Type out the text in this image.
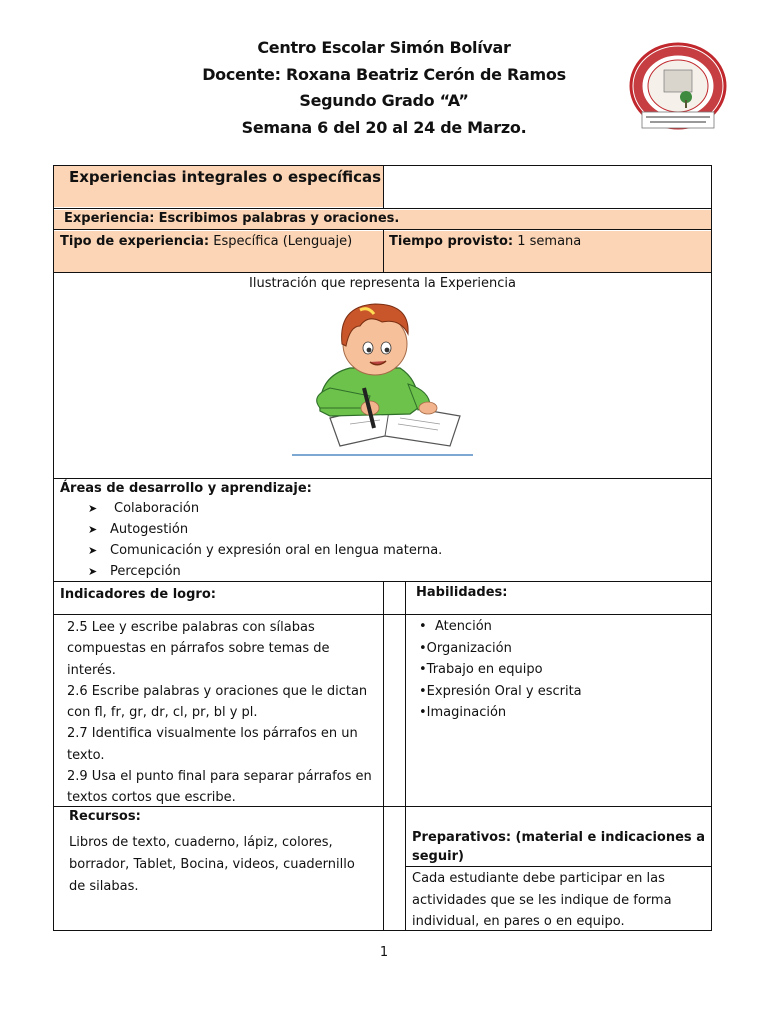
Centro Escolar Simón Bolívar
Docente: Roxana Beatriz Cerón de Ramos
Segundo Grado “A”
Semana 6 del 20 al 24 de Marzo.
Experiencias integrales o específicas
Experiencia: Escribimos palabras y oraciones.
Tipo de experiencia: Específica (Lenguaje)	Tiempo provisto: 1 semana
Ilustración que representa la Experiencia
Áreas de desarrollo y aprendizaje:
➤ Colaboración
➤ Autogestión
➤ Comunicación y expresión oral en lengua materna.
➤ Percepción
Indicadores de logro:	Habilidades:
2.5 Lee y escribe palabras con sílabas
compuestas en párrafos sobre temas de
interés.
2.6 Escribe palabras y oraciones que le dictan
con fl, fr, gr, dr, cl, pr, bl y pl.
2.7 Identifica visualmente los párrafos en un
texto.
2.9 Usa el punto final para separar párrafos en
textos cortos que escribe.
• Atención
•Organización
•Trabajo en equipo
•Expresión Oral y escrita
•Imaginación
Recursos:
Libros de texto, cuaderno, lápiz, colores,
borrador, Tablet, Bocina, videos, cuadernillo
de silabas.
Preparativos: (material e indicaciones a
seguir)
Cada estudiante debe participar en las
actividades que se les indique de forma
individual, en pares o en equipo.
1
